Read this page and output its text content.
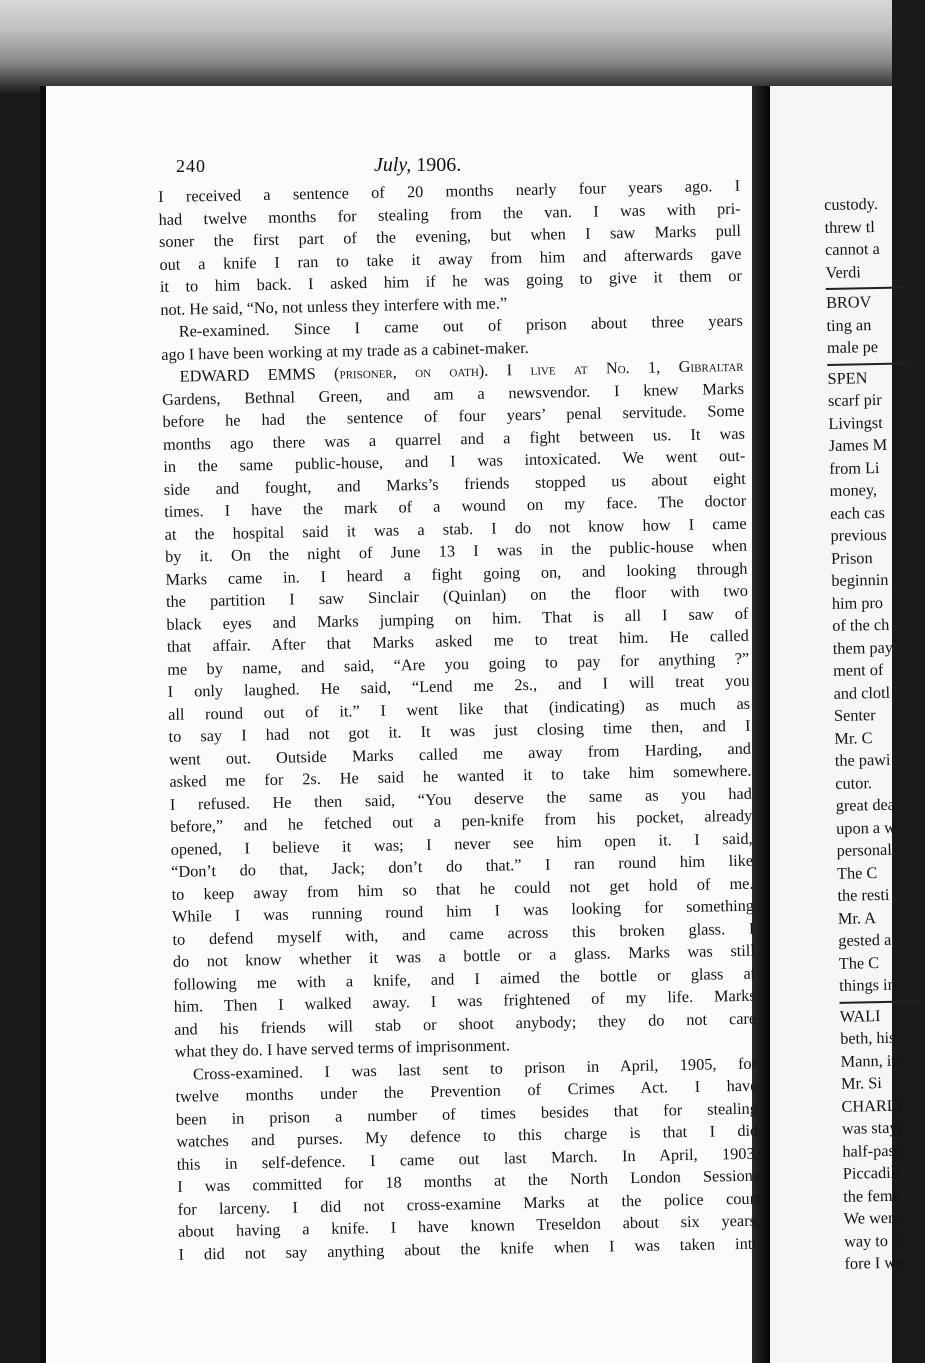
custody.
threw tl
cannot a
Verdi
BROV
ting an
male pe
SPEN
scarf pir
Livingst
James M
from Li
money,
each cas
previous
Prison
beginnin
him pro
of the ch
them pay
ment of
and clotl
Senter
Mr. C
the pawi
cutor.
great dea
upon a w
personal
The C
the resti
Mr. A
gested a
The C
things in
WALI
beth, his
Mann, in
Mr. Si
CHARLI
was stayi
half-past
Piccadill
the fema
We went
way to B
fore I we
240	July, 1906.
I received a sentence of 20 months nearly four years ago. I
had twelve months for stealing from the van. I was with pri-
soner the first part of the evening, but when I saw Marks pull
out a knife I ran to take it away from him and afterwards gave
it to him back. I asked him if he was going to give it them or
not. He said, “No, not unless they interfere with me.”
Re-examined. Since I came out of prison about three years
ago I have been working at my trade as a cabinet-maker.
EDWARD EMMS (prisoner, on oath). I live at No. 1, Gibraltar
Gardens, Bethnal Green, and am a newsvendor. I knew Marks
before he had the sentence of four years’ penal servitude. Some
months ago there was a quarrel and a fight between us. It was
in the same public-house, and I was intoxicated. We went out-
side and fought, and Marks’s friends stopped us about eight
times. I have the mark of a wound on my face. The doctor
at the hospital said it was a stab. I do not know how I came
by it. On the night of June 13 I was in the public-house when
Marks came in. I heard a fight going on, and looking through
the partition I saw Sinclair (Quinlan) on the floor with two
black eyes and Marks jumping on him. That is all I saw of
that affair. After that Marks asked me to treat him. He called
me by name, and said, “Are you going to pay for anything ?”
I only laughed. He said, “Lend me 2s., and I will treat you
all round out of it.” I went like that (indicating) as much as
to say I had not got it. It was just closing time then, and I
went out. Outside Marks called me away from Harding, and
asked me for 2s. He said he wanted it to take him somewhere.
I refused. He then said, “You deserve the same as you had
before,” and he fetched out a pen-knife from his pocket, already
opened, I believe it was; I never see him open it. I said,
“Don’t do that, Jack; don’t do that.” I ran round him like
to keep away from him so that he could not get hold of me.
While I was running round him I was looking for something
to defend myself with, and came across this broken glass. I
do not know whether it was a bottle or a glass. Marks was still
following me with a knife, and I aimed the bottle or glass at
him. Then I walked away. I was frightened of my life. Marks
and his friends will stab or shoot anybody; they do not care
what they do. I have served terms of imprisonment.
Cross-examined. I was last sent to prison in April, 1905, for
twelve months under the Prevention of Crimes Act. I have
been in prison a number of times besides that for stealing
watches and purses. My defence to this charge is that I did
this in self-defence. I came out last March. In April, 1903,
I was committed for 18 months at the North London Sessions
for larceny. I did not cross-examine Marks at the police court
about having a knife. I have known Treseldon about six years.
I did not say anything about the knife when I was taken into
